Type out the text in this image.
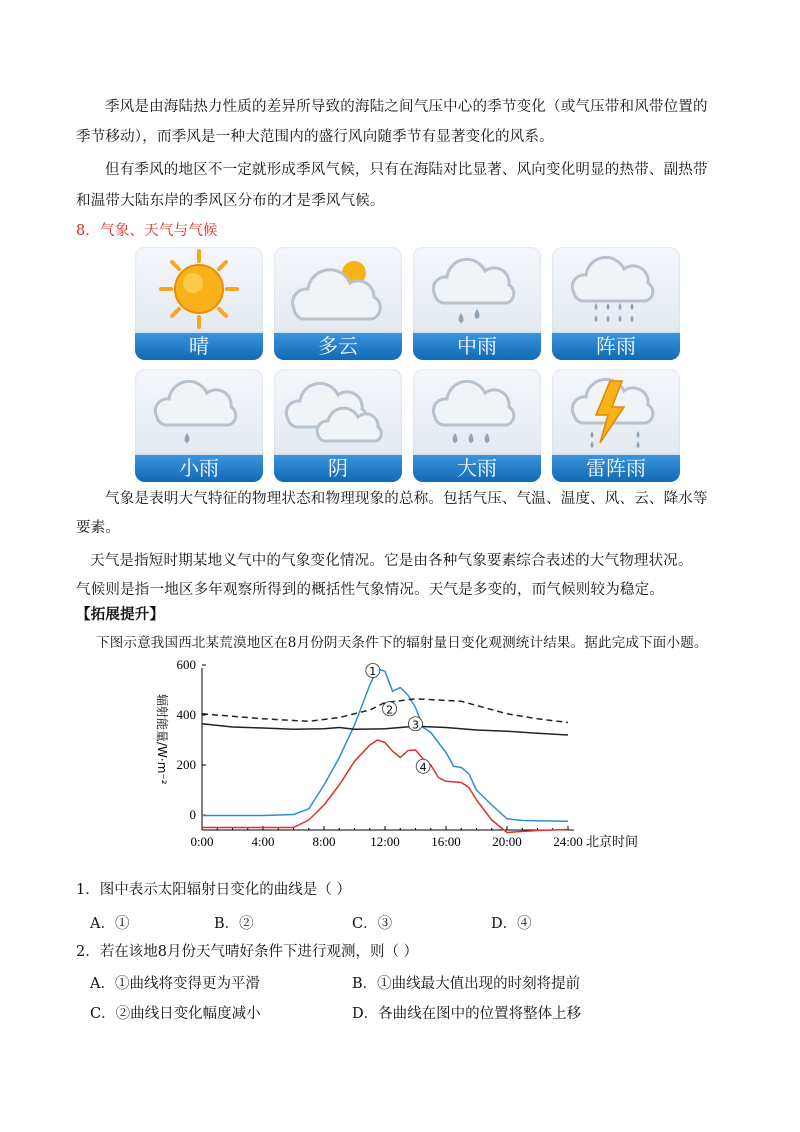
季风是由海陆热力性质的差异所导致的海陆之间气压中心的季节变化（或气压带和风带位置的
季节移动），而季风是一种大范围内的盛行风向随季节有显著变化的风系。
但有季风的地区不一定就形成季风气候，只有在海陆对比显著、风向变化明显的热带、副热带
和温带大陆东岸的季风区分布的才是季风气候。
8．气象、天气与气候
晴	多云	中雨	阵雨
小雨	阴	大雨	雷阵雨
气象是表明大气特征的物理状态和物理现象的总称。包括气压、气温、温度、风、云、降水等
要素。
天气是指短时期某地义气中的气象变化情况。它是由各种气象要素综合表述的大气物理状况。
气候则是指一地区多年观察所得到的概括性气象情况。天气是多变的，而气候则较为稳定。
【拓展提升】
下图示意我国西北某荒漠地区在8月份阴天条件下的辐射量日变化观测统计结果。据此完成下面小题。
0:00	4:00	8:00	12:00 16:00 20:00 24:00
0
200
400
600
辐射能量/W·m⁻²
北京时间
1
2
3
4
1．图中表示太阳辐射日变化的曲线是（ ）
A．①	B．②	C．③	D．④
2．若在该地8月份天气晴好条件下进行观测，则（ ）
A．①曲线将变得更为平滑	B．①曲线最大值出现的时刻将提前
C．②曲线日变化幅度减小	D．各曲线在图中的位置将整体上移
